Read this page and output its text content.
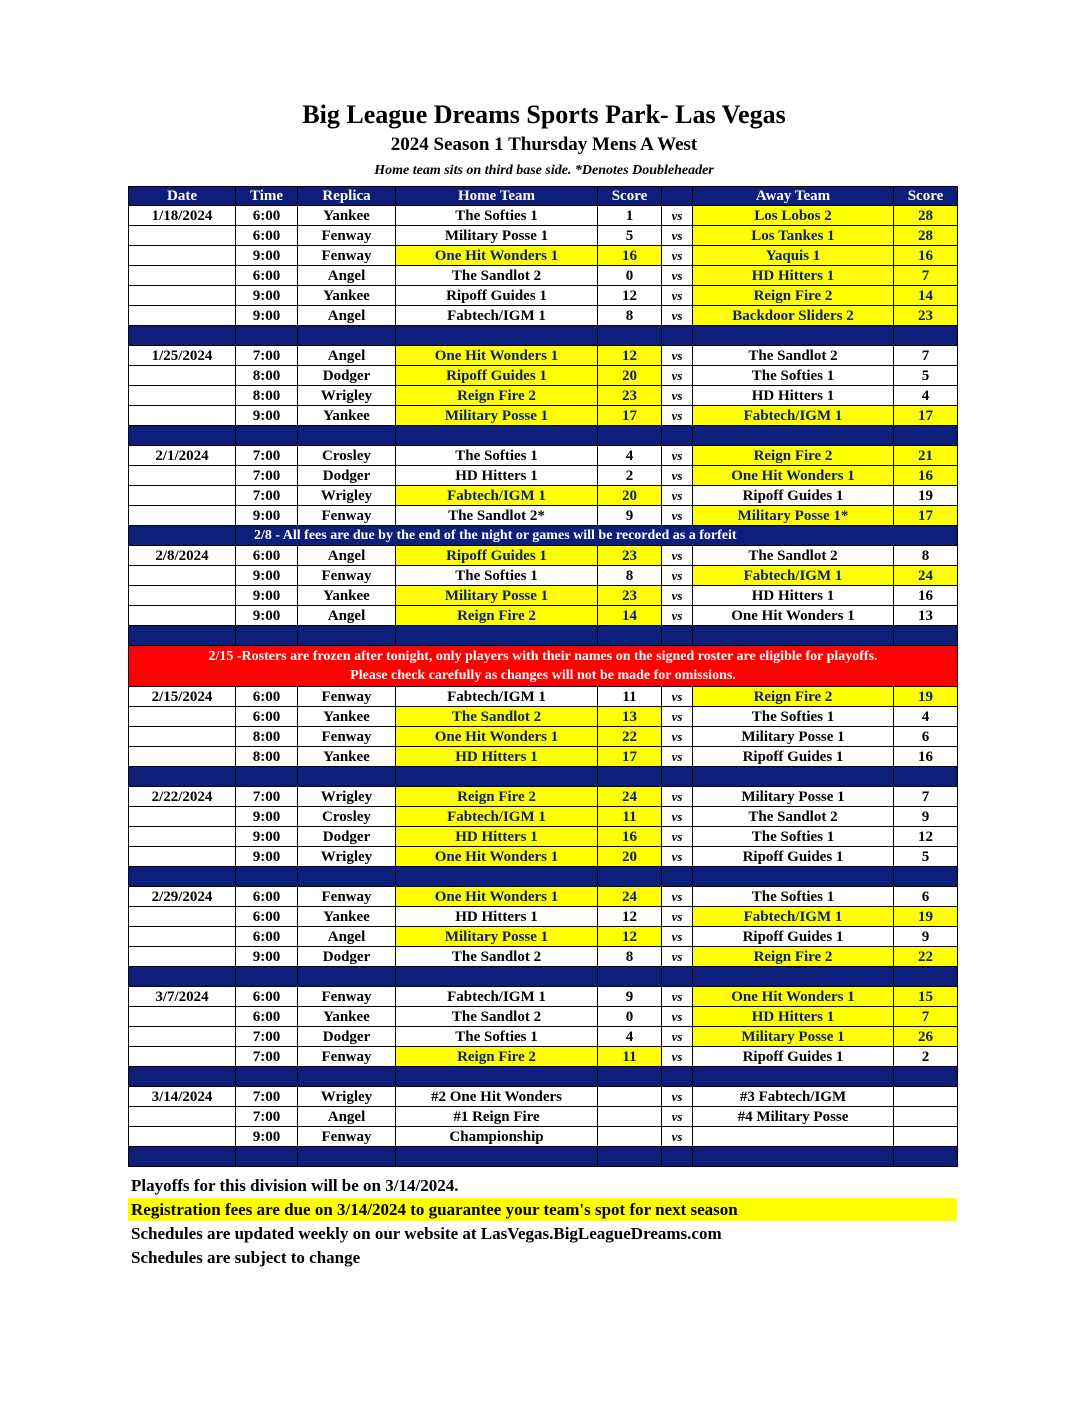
Big League Dreams Sports Park- Las Vegas
2024 Season 1 Thursday Mens A West
Home team sits on third base side. *Denotes Doubleheader
Date	Time	Replica	Home Team	Score		Away Team	Score
1/18/2024	6:00	Yankee	The Softies 1	1	vs	Los Lobos 2	28
	6:00	Fenway	Military Posse 1	5	vs	Los Tankes 1	28
	9:00	Fenway	One Hit Wonders 1	16	vs	Yaquis 1	16
	6:00	Angel	The Sandlot 2	0	vs	HD Hitters 1	7
	9:00	Yankee	Ripoff Guides 1	12	vs	Reign Fire 2	14
	9:00	Angel	Fabtech/IGM 1	8	vs	Backdoor Sliders 2	23

1/25/2024	7:00	Angel	One Hit Wonders 1	12	vs	The Sandlot 2	7
	8:00	Dodger	Ripoff Guides 1	20	vs	The Softies 1	5
	8:00	Wrigley	Reign Fire 2	23	vs	HD Hitters 1	4
	9:00	Yankee	Military Posse 1	17	vs	Fabtech/IGM 1	17

2/1/2024	7:00	Crosley	The Softies 1	4	vs	Reign Fire 2	21
	7:00	Dodger	HD Hitters 1	2	vs	One Hit Wonders 1	16
	7:00	Wrigley	Fabtech/IGM 1	20	vs	Ripoff Guides 1	19
	9:00	Fenway	The Sandlot 2*	9	vs	Military Posse 1*	17
	2/8 - All fees are due by the end of the night or games will be recorded as a forfeit						
2/8/2024	6:00	Angel	Ripoff Guides 1	23	vs	The Sandlot 2	8
	9:00	Fenway	The Softies 1	8	vs	Fabtech/IGM 1	24
	9:00	Yankee	Military Posse 1	23	vs	HD Hitters 1	16
	9:00	Angel	Reign Fire 2	14	vs	One Hit Wonders 1	13

2/15 -Rosters are frozen after tonight, only players with their names on the signed roster are eligible for playoffs.
Please check carefully as changes will not be made for omissions.							

2/15/2024	6:00	Fenway	Fabtech/IGM 1	11	vs	Reign Fire 2	19
	6:00	Yankee	The Sandlot 2	13	vs	The Softies 1	4
	8:00	Fenway	One Hit Wonders 1	22	vs	Military Posse 1	6
	8:00	Yankee	HD Hitters 1	17	vs	Ripoff Guides 1	16

2/22/2024	7:00	Wrigley	Reign Fire 2	24	vs	Military Posse 1	7
	9:00	Crosley	Fabtech/IGM 1	11	vs	The Sandlot 2	9
	9:00	Dodger	HD Hitters 1	16	vs	The Softies 1	12
	9:00	Wrigley	One Hit Wonders 1	20	vs	Ripoff Guides 1	5

2/29/2024	6:00	Fenway	One Hit Wonders 1	24	vs	The Softies 1	6
	6:00	Yankee	HD Hitters 1	12	vs	Fabtech/IGM 1	19
	6:00	Angel	Military Posse 1	12	vs	Ripoff Guides 1	9
	9:00	Dodger	The Sandlot 2	8	vs	Reign Fire 2	22

3/7/2024	6:00	Fenway	Fabtech/IGM 1	9	vs	One Hit Wonders 1	15
	6:00	Yankee	The Sandlot 2	0	vs	HD Hitters 1	7
	7:00	Dodger	The Softies 1	4	vs	Military Posse 1	26
	7:00	Fenway	Reign Fire 2	11	vs	Ripoff Guides 1	2

3/14/2024	7:00	Wrigley	#2 One Hit Wonders		vs	#3 Fabtech/IGM	
	7:00	Angel	#1 Reign Fire		vs	#4 Military Posse	
	9:00	Fenway	Championship		vs		

Playoffs for this division will be on 3/14/2024.
Registration fees are due on 3/14/2024 to guarantee your team's spot for next season
Schedules are updated weekly on our website at LasVegas.BigLeagueDreams.com
Schedules are subject to change
